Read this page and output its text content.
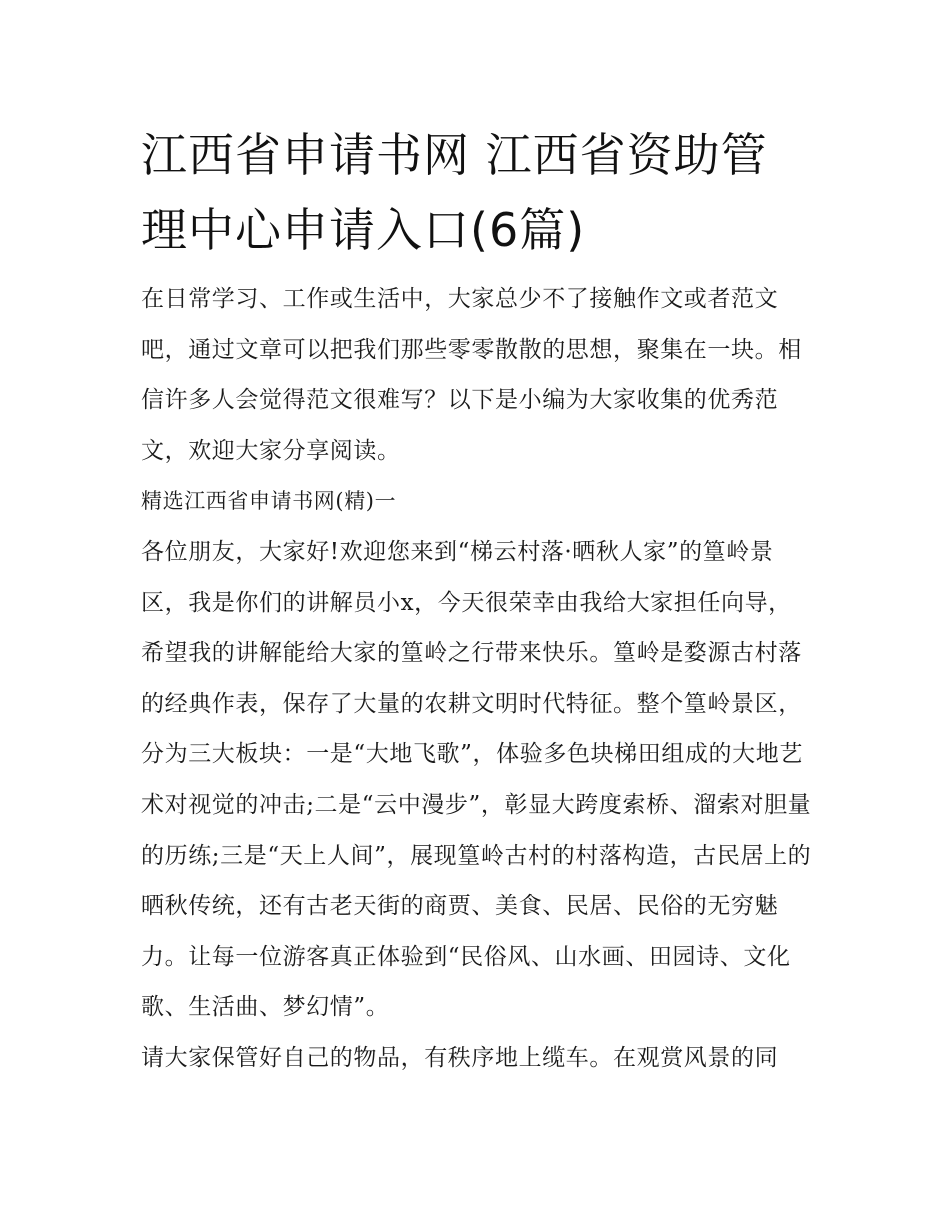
江西省申请书网 江西省资助管理中心申请入口(6篇)

在日常学习、工作或生活中，大家总少不了接触作文或者范文吧，通过文章可以把我们那些零零散散的思想，聚集在一块。相信许多人会觉得范文很难写？以下是小编为大家收集的优秀范文，欢迎大家分享阅读。

精选江西省申请书网(精)一

各位朋友，大家好!欢迎您来到“梯云村落·晒秋人家”的篁岭景区，我是你们的讲解员小x，今天很荣幸由我给大家担任向导，希望我的讲解能给大家的篁岭之行带来快乐。篁岭是婺源古村落的经典作表，保存了大量的农耕文明时代特征。整个篁岭景区，分为三大板块：一是“大地飞歌”，体验多色块梯田组成的大地艺术对视觉的冲击;二是“云中漫步”，彰显大跨度索桥、溜索对胆量的历练;三是“天上人间”，展现篁岭古村的村落构造，古民居上的晒秋传统，还有古老天街的商贾、美食、民居、民俗的无穷魅力。让每一位游客真正体验到“民俗风、山水画、田园诗、文化歌、生活曲、梦幻情”。

请大家保管好自己的物品，有秩序地上缆车。在观赏风景的同
